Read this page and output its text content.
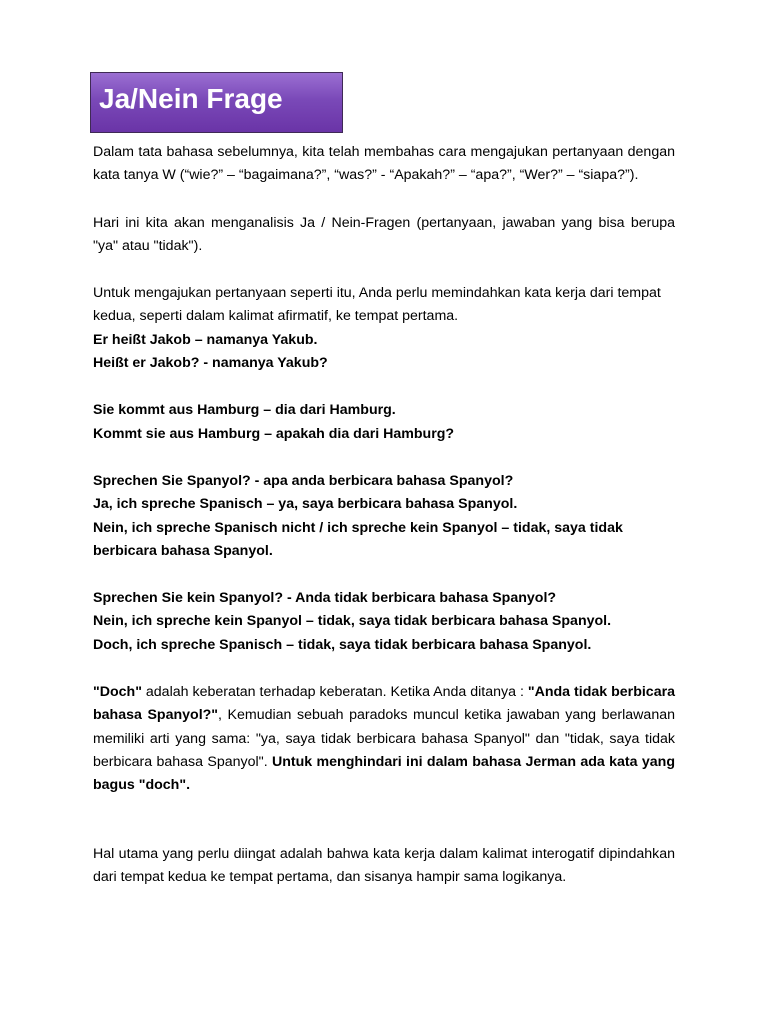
Ja/Nein Frage

Dalam tata bahasa sebelumnya, kita telah membahas cara mengajukan pertanyaan dengan kata tanya W (“wie?” – “bagaimana?”, “was?” - “Apakah?” – “apa?”, “Wer?” – “siapa?”).

Hari ini kita akan menganalisis Ja / Nein-Fragen (pertanyaan, jawaban yang bisa berupa "ya" atau "tidak").

Untuk mengajukan pertanyaan seperti itu, Anda perlu memindahkan kata kerja dari tempat kedua, seperti dalam kalimat afirmatif, ke tempat pertama.
Er heißt Jakob – namanya Yakub.
Heißt er Jakob? - namanya Yakub?

Sie kommt aus Hamburg – dia dari Hamburg.
Kommt sie aus Hamburg – apakah dia dari Hamburg?

Sprechen Sie Spanyol? - apa anda berbicara bahasa Spanyol?
Ja, ich spreche Spanisch – ya, saya berbicara bahasa Spanyol.
Nein, ich spreche Spanisch nicht / ich spreche kein Spanyol – tidak, saya tidak berbicara bahasa Spanyol.

Sprechen Sie kein Spanyol? - Anda tidak berbicara bahasa Spanyol?
Nein, ich spreche kein Spanyol – tidak, saya tidak berbicara bahasa Spanyol.
Doch, ich spreche Spanisch – tidak, saya tidak berbicara bahasa Spanyol.

"Doch" adalah keberatan terhadap keberatan. Ketika Anda ditanya : "Anda tidak berbicara bahasa Spanyol?", Kemudian sebuah paradoks muncul ketika jawaban yang berlawanan memiliki arti yang sama: "ya, saya tidak berbicara bahasa Spanyol" dan "tidak, saya tidak berbicara bahasa Spanyol". Untuk menghindari ini dalam bahasa Jerman ada kata yang bagus "doch".

Hal utama yang perlu diingat adalah bahwa kata kerja dalam kalimat interogatif dipindahkan dari tempat kedua ke tempat pertama, dan sisanya hampir sama logikanya.
